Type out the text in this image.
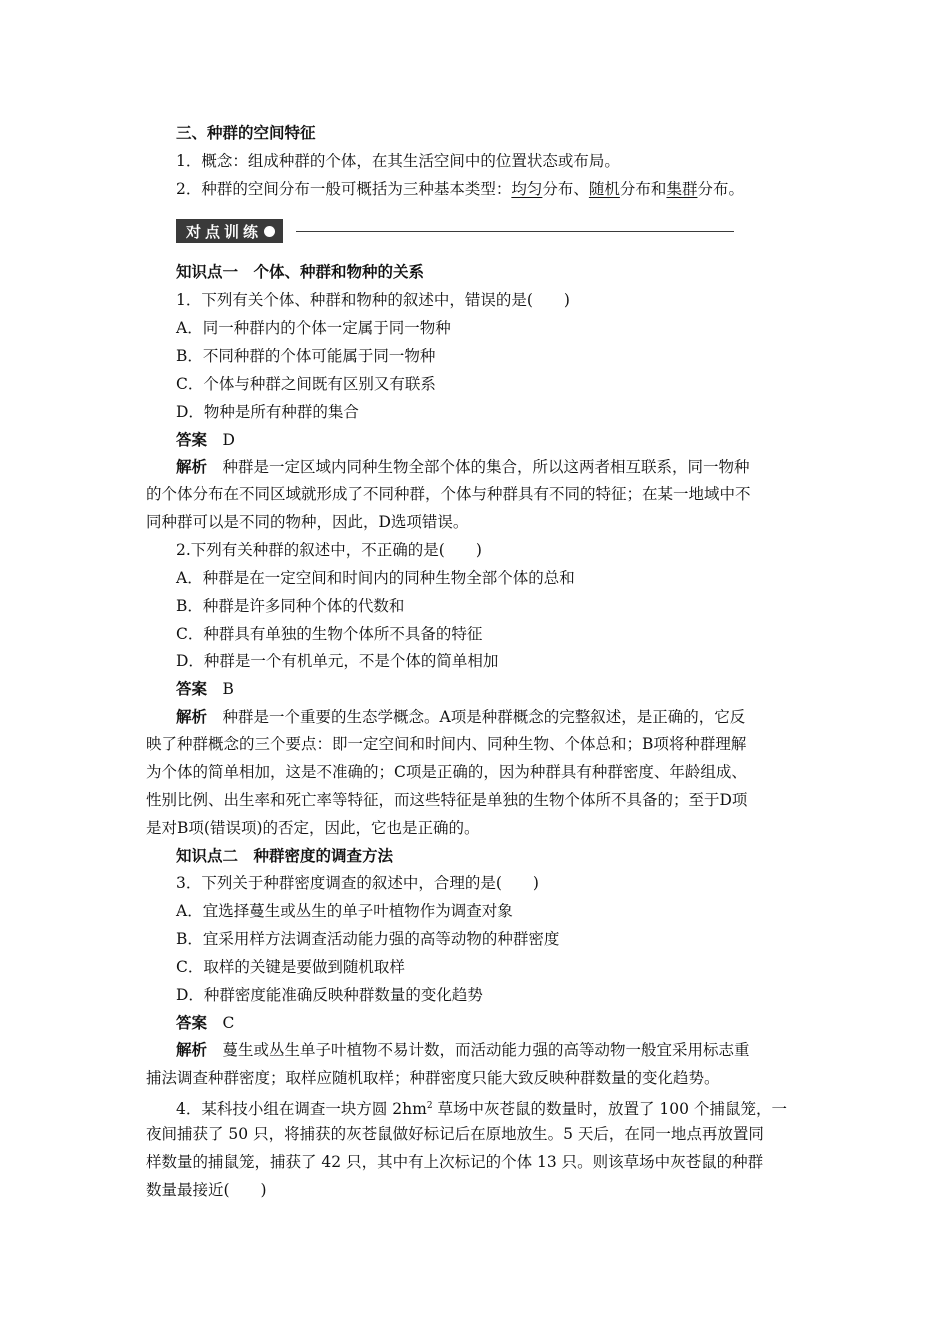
三、种群的空间特征
1．概念：组成种群的个体，在其生活空间中的位置状态或布局。
2．种群的空间分布一般可概括为三种基本类型：均匀分布、随机分布和集群分布。
对点训练
知识点一　个体、种群和物种的关系
1．下列有关个体、种群和物种的叙述中，错误的是(　　)
A．同一种群内的个体一定属于同一物种
B．不同种群的个体可能属于同一物种
C．个体与种群之间既有区别又有联系
D．物种是所有种群的集合
答案　 D
解析　 种群是一定区域内同种生物全部个体的集合，所以这两者相互联系，同一物种
的个体分布在不同区域就形成了不同种群，个体与种群具有不同的特征；在某一地域中不
同种群可以是不同的物种，因此，D选项错误。
2.下列有关种群的叙述中，不正确的是(　　)
A．种群是在一定空间和时间内的同种生物全部个体的总和
B．种群是许多同种个体的代数和
C．种群具有单独的生物个体所不具备的特征
D．种群是一个有机单元，不是个体的简单相加
答案　 B
解析　 种群是一个重要的生态学概念。A项是种群概念的完整叙述，是正确的，它反
映了种群概念的三个要点：即一定空间和时间内、同种生物、个体总和；B项将种群理解
为个体的简单相加，这是不准确的；C项是正确的，因为种群具有种群密度、年龄组成、
性别比例、出生率和死亡率等特征，而这些特征是单独的生物个体所不具备的；至于D项
是对B项(错误项)的否定，因此，它也是正确的。
知识点二　种群密度的调查方法
3．下列关于种群密度调查的叙述中，合理的是(　　)
A．宜选择蔓生或丛生的单子叶植物作为调查对象
B．宜采用样方法调查活动能力强的高等动物的种群密度
C．取样的关键是要做到随机取样
D．种群密度能准确反映种群数量的变化趋势
答案　 C
解析　 蔓生或丛生单子叶植物不易计数，而活动能力强的高等动物一般宜采用标志重
捕法调查种群密度；取样应随机取样；种群密度只能大致反映种群数量的变化趋势。
4．某科技小组在调查一块方圆 $2hm^2$ 草场中灰苍鼠的数量时，放置了 100 个捕鼠笼，一
夜间捕获了 50 只，将捕获的灰苍鼠做好标记后在原地放生。5 天后，在同一地点再放置同
样数量的捕鼠笼，捕获了 42 只，其中有上次标记的个体 13 只。则该草场中灰苍鼠的种群
数量最接近(　　)
